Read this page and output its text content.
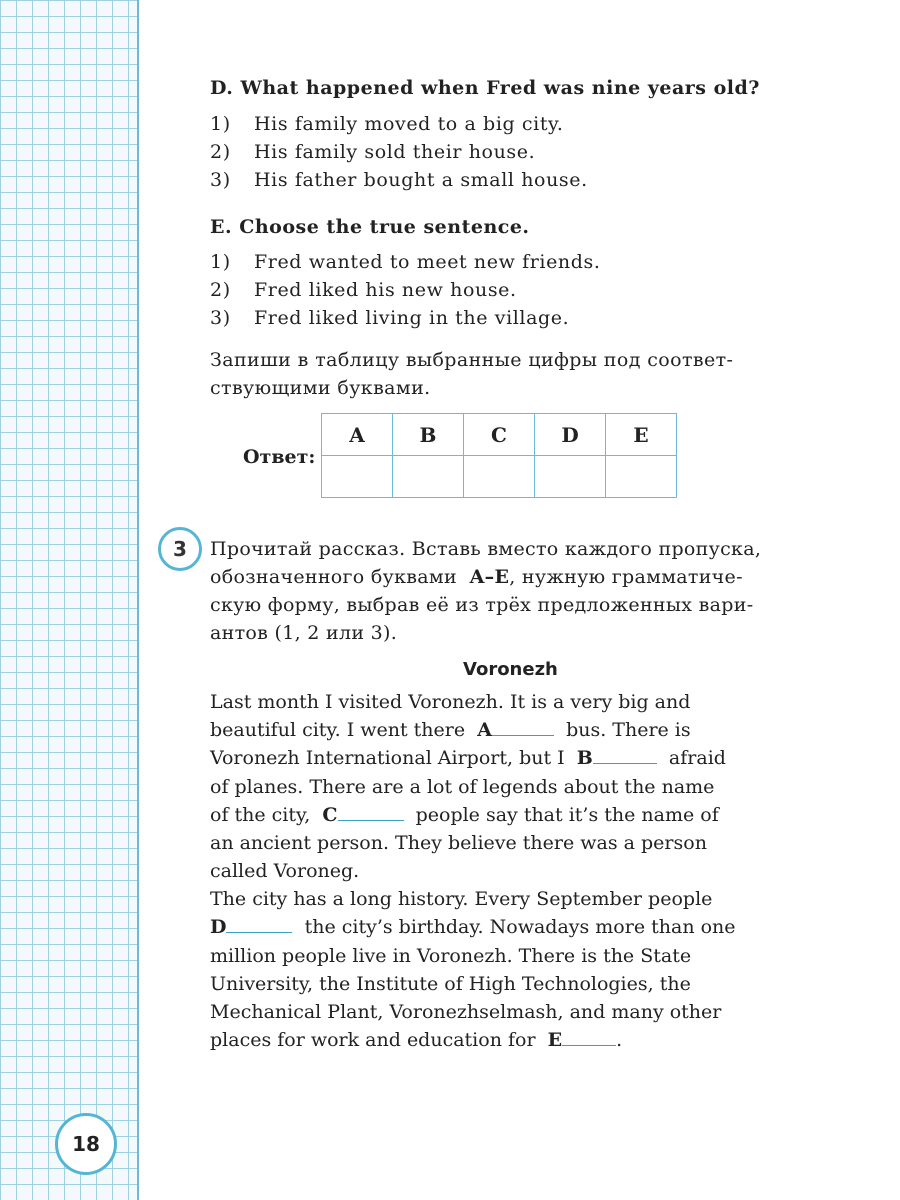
D. What happened when Fred was nine years old?
1) His family moved to a big city.
2) His family sold their house.
3) His father bought a small house.
E. Choose the true sentence.
1) Fred wanted to meet new friends.
2) Fred liked his new house.
3) Fred liked living in the village.
Запиши в таблицу выбранные цифры под соответ-
ствующими буквами.
Ответ:
A	B	C	D	E

3	Прочитай рассказ. Вставь вместо каждого пропуска,
обозначенного буквами A–E, нужную грамматиче-
скую форму, выбрав её из трёх предложенных вари-
антов (1, 2 или 3).
Voronezh
Last month I visited Voronezh. It is a very big and
beautiful city. I went there A	bus. There is
Voronezh International Airport, but I B	afraid
of planes. There are a lot of legends about the name
of the city, C	people say that it’s the name of
an ancient person. They believe there was a person
called Voroneg.
The city has a long history. Every September people
D	the city’s birthday. Nowadays more than one
million people live in Voronezh. There is the State
University, the Institute of High Technologies, the
Mechanical Plant, Voronezhselmash, and many other
places for work and education for E	.
18
